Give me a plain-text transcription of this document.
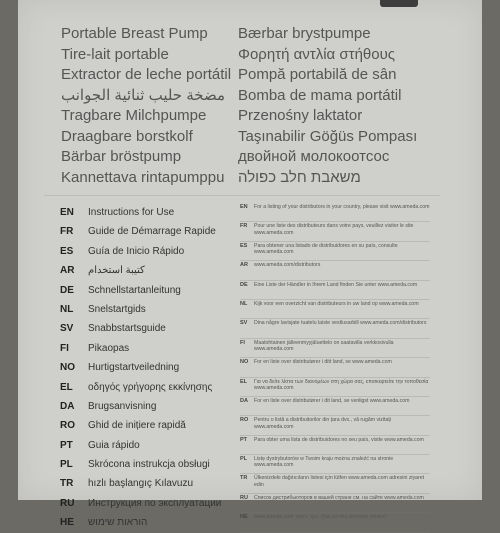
Portable Breast Pump
Tire-lait portable
Extractor de leche portátil
مضخة حليب ثنائية الجوانب
Tragbare Milchpumpe
Draagbare borstkolf
Bärbar bröstpump
Kannettava rintapumppu
Bærbar brystpumpe
Φορητή αντλία στήθους
Pompă portabilă de sân
Bomba de mama portátil
Przenośny laktator
Taşınabilir Göğüs Pompası
двойной молокоотсос
משאבת חלב כפולה
EN Instructions for Use
FR Guide de Démarrage Rapide
ES Guía de Inicio Rápido
AR كتيبة استخدام
DE Schnellstartanleitung
NL Snelstartgids
SV Snabbstartsguide
FI Pikaopas
NO Hurtigstartveiledning
EL οδηγός γρήγορης εκκίνησης
DA Brugsanvisning
RO Ghid de inițiere rapidă
PT Guia rápido
PL Skrócona instrukcja obsługi
TR hızlı başlangıç Kılavuzu
RU Инструкция по эксплуатации
HE הוראות שימוש
EN For a listing of your distributors in your country, please visit www.ameda.com
FR Pour une liste des distributeurs dans votre pays, veuillez visiter le site www.ameda.com
ES Para obtener una listado de distribuidores en su país, consulte www.ameda.com
AR www.ameda.com/distributors
DE Eine Liste der Händler in Ihrem Land finden Sie unter www.ameda.com
NL Kijk voor een overzicht van distributeurs in uw land op www.ameda.com
SV Dina någre lavisjate tuatelu laiste vestlusarbill www.ameda.com/distributors
FI Maatohtainen jälleenmyyjäluettelo on saatavilla verkkosivulla www.ameda.com
NO For en liste over distributører i ditt land, se www.ameda.com
EL Για να δείτε λίστα των διανομέων στη χώρα σας, επισκεφτείτε την τοποθεσία www.ameda.com
DA For en liste over distributører i dit land, se venligst www.ameda.com
RO Pentru o listă a distribuitorilor din țara dvs., vă rugăm vizitați www.ameda.com
PT Para obter uma lista de distribuidores no seu país, visite www.ameda.com
PL Listę dystrybutorów w Twoim kraju można znaleźć na stronie www.ameda.com
TR Ülkenizdeki dağıtıcıların listesi için lütfen www.ameda.com adresini ziyaret edin
RU Список дистрибьюторов в вашей стране см. на сайте www.ameda.com
HE www.ameda.com לרשימת המפיצים במדינה שלך, בקר באתר
